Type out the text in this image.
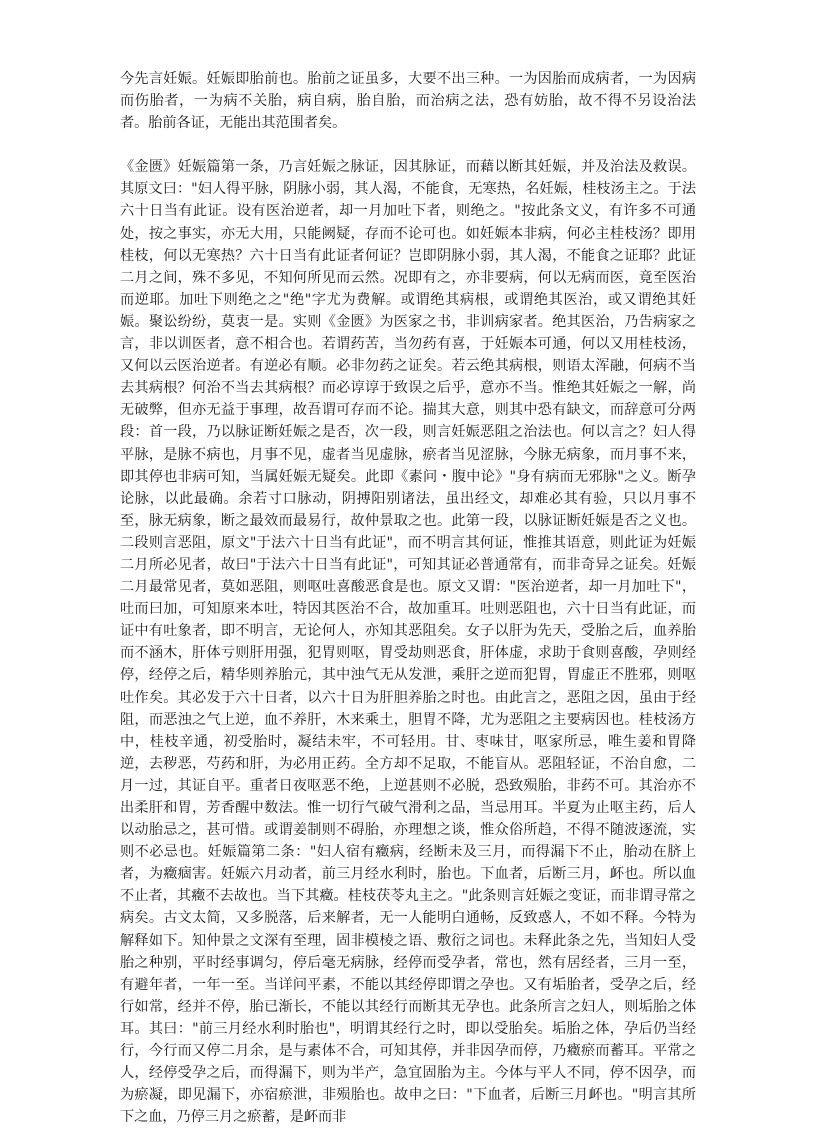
今先言妊娠。妊娠即胎前也。胎前之证虽多，大要不出三种。一为因胎而成病者，一为因病而伤胎者，一为病不关胎，病自病，胎自胎，而治病之法，恐有妨胎，故不得不另设治法者。胎前各证，无能出其范围者矣。

《金匮》妊娠篇第一条，乃言妊娠之脉证，因其脉证，而藉以断其妊娠，并及治法及救误。其原文曰："妇人得平脉，阴脉小弱，其人渴，不能食，无寒热，名妊娠，桂枝汤主之。于法六十日当有此证。设有医治逆者，却一月加吐下者，则绝之。"按此条文义，有许多不可通处，按之事实，亦无大用，只能阙疑，存而不论可也。如妊娠本非病，何必主桂枝汤？即用桂枝，何以无寒热？六十日当有此证者何证？岂即阴脉小弱，其人渴，不能食之证耶？此证二月之间，殊不多见，不知何所见而云然。况即有之，亦非要病，何以无病而医，竟至医治而逆耶。加吐下则绝之之"绝"字尤为费解。或谓绝其病根，或谓绝其医治，或又谓绝其妊娠。聚讼纷纷，莫衷一是。实则《金匮》为医家之书，非训病家者。绝其医治，乃告病家之言，非以训医者，意不相合也。若谓药苦，当勿药有喜，于妊娠本可通，何以又用桂枝汤，又何以云医治逆者。有逆必有顺。必非勿药之证矣。若云绝其病根，则语太浑融，何病不当去其病根？何治不当去其病根？而必谆谆于致误之后乎，意亦不当。惟绝其妊娠之一解，尚无破弊，但亦无益于事理，故吾谓可存而不论。揣其大意，则其中恐有缺文，而辞意可分两段：首一段，乃以脉证断妊娠之是否，次一段，则言妊娠恶阻之治法也。何以言之？妇人得平脉，是脉不病也，月事不见，虚者当见虚脉，瘀者当见涩脉，今脉无病象，而月事不来，即其停也非病可知，当属妊娠无疑矣。此即《素问・腹中论》"身有病而无邪脉"之义。断孕论脉，以此最确。余若寸口脉动，阴搏阳别诸法，虽出经文，却难必其有验，只以月事不至，脉无病象，断之最效而最易行，故仲景取之也。此第一段，以脉证断妊娠是否之义也。二段则言恶阻，原文"于法六十日当有此证"，而不明言其何证，惟推其语意，则此证为妊娠二月所必见者，故曰"于法六十日当有此证"，可知其证必普通常有，而非奇异之证矣。妊娠二月最常见者，莫如恶阻，则呕吐喜酸恶食是也。原文又谓："医治逆者，却一月加吐下"，吐而曰加，可知原来本吐，特因其医治不合，故加重耳。吐则恶阻也，六十日当有此证，而证中有吐象者，即不明言，无论何人，亦知其恶阻矣。女子以肝为先天，受胎之后，血养胎而不涵木，肝体亏则肝用强，犯胃则呕，胃受劫则恶食，肝体虚，求助于食则喜酸，孕则经停，经停之后，精华则养胎元，其中浊气无从发泄，乘肝之逆而犯胃，胃虚正不胜邪，则呕吐作矣。其必发于六十日者，以六十日为肝胆养胎之时也。由此言之，恶阻之因，虽由于经阻，而恶浊之气上逆，血不养肝，木来乘土，胆胃不降，尤为恶阻之主要病因也。桂枝汤方中，桂枝辛通，初受胎时，凝结未牢，不可轻用。甘、枣味甘，呕家所忌，唯生姜和胃降逆，去秽恶，芍药和肝，为必用正药。全方却不足取，不能盲从。恶阻轻证，不治自愈，二月一过，其证自平。重者日夜呕恶不绝，上逆甚则不必脱，恐致殒胎，非药不可。其治亦不出柔肝和胃，芳香醒中数法。惟一切行气破气滑利之品，当忌用耳。半夏为止呕主药，后人以动胎忌之，甚可惜。或谓姜制则不碍胎，亦理想之谈，惟众俗所趋，不得不随波逐流，实则不必忌也。妊娠篇第二条："妇人宿有癥病，经断未及三月，而得漏下不止，胎动在脐上者，为癥痼害。妊娠六月动者，前三月经水利时，胎也。下血者，后断三月，衃也。所以血不止者，其癥不去故也。当下其癥。桂枝茯苓丸主之。"此条则言妊娠之变证，而非谓寻常之病矣。古文太简，又多脱落，后来解者，无一人能明白通畅，反致惑人，不如不释。今特为解释如下。知仲景之文深有至理，固非模棱之语、敷衍之词也。未释此条之先，当知妇人受胎之种别，平时经事调匀，停后毫无病脉，经停而受孕者，常也，然有居经者，三月一至，有避年者，一年一至。当详问平素，不能以其经停即谓之孕也。又有垢胎者，受孕之后，经行如常，经并不停，胎已渐长，不能以其经行而断其无孕也。此条所言之妇人，则垢胎之体耳。其曰："前三月经水利时胎也"，明谓其经行之时，即以受胎矣。垢胎之体，孕后仍当经行，今行而又停二月余，是与素体不合，可知其停，并非因孕而停，乃癥瘀而蓄耳。平常之人，经停受孕之后，而得漏下，则为半产，急宜固胎为主。今体与平人不同，停不因孕，而为瘀凝，即见漏下，亦宿瘀泄，非殒胎也。故申之曰："下血者，后断三月衃也。"明言其所下之血，乃停三月之瘀蓄，是衃而非
